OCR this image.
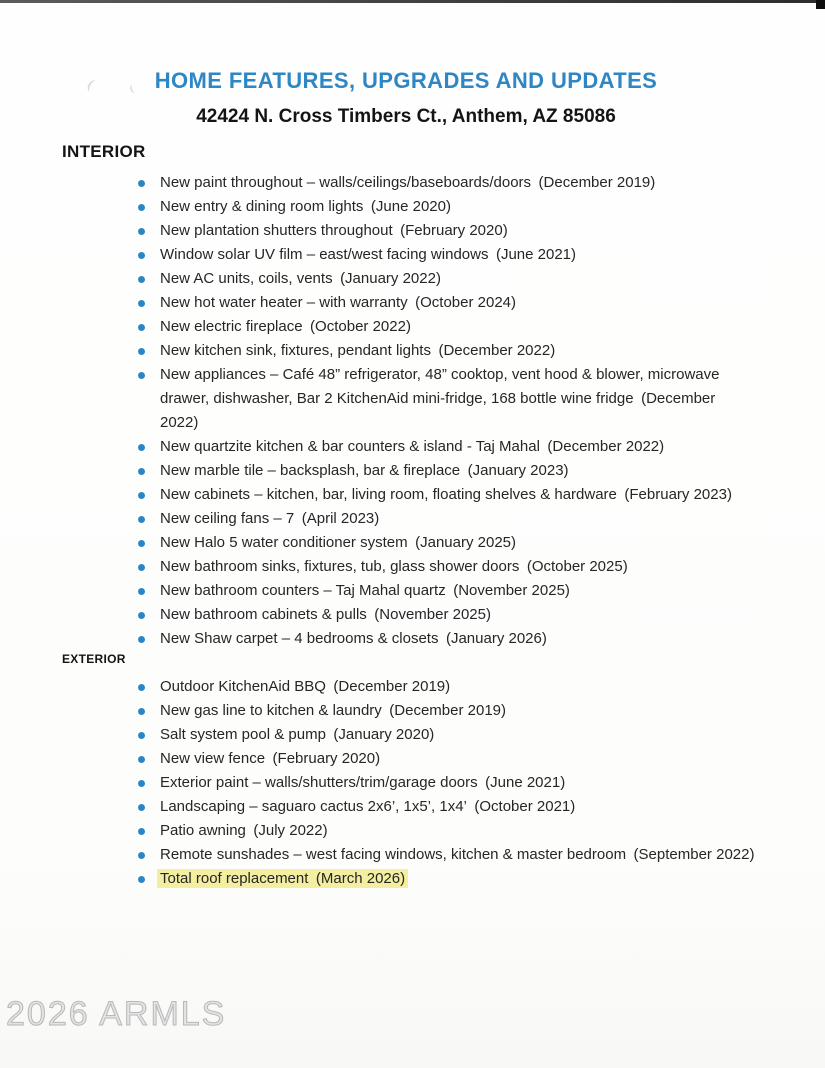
HOME FEATURES, UPGRADES AND UPDATES
42424 N. Cross Timbers Ct., Anthem, AZ 85086
INTERIOR
New paint throughout – walls/ceilings/baseboards/doors (December 2019)
New entry & dining room lights (June 2020)
New plantation shutters throughout (February 2020)
Window solar UV film – east/west facing windows (June 2021)
New AC units, coils, vents (January 2022)
New hot water heater – with warranty (October 2024)
New electric fireplace (October 2022)
New kitchen sink, fixtures, pendant lights (December 2022)
New appliances – Café 48” refrigerator, 48” cooktop, vent hood & blower, microwave drawer, dishwasher, Bar 2 KitchenAid mini-fridge, 168 bottle wine fridge (December 2022)
New quartzite kitchen & bar counters & island - Taj Mahal (December 2022)
New marble tile – backsplash, bar & fireplace (January 2023)
New cabinets – kitchen, bar, living room, floating shelves & hardware (February 2023)
New ceiling fans – 7 (April 2023)
New Halo 5 water conditioner system (January 2025)
New bathroom sinks, fixtures, tub, glass shower doors (October 2025)
New bathroom counters – Taj Mahal quartz (November 2025)
New bathroom cabinets & pulls (November 2025)
New Shaw carpet – 4 bedrooms & closets (January 2026)
EXTERIOR
Outdoor KitchenAid BBQ (December 2019)
New gas line to kitchen & laundry (December 2019)
Salt system pool & pump (January 2020)
New view fence (February 2020)
Exterior paint – walls/shutters/trim/garage doors (June 2021)
Landscaping – saguaro cactus 2x6’, 1x5’, 1x4’ (October 2021)
Patio awning (July 2022)
Remote sunshades – west facing windows, kitchen & master bedroom (September 2022)
Total roof replacement (March 2026)
2026 ARMLS
